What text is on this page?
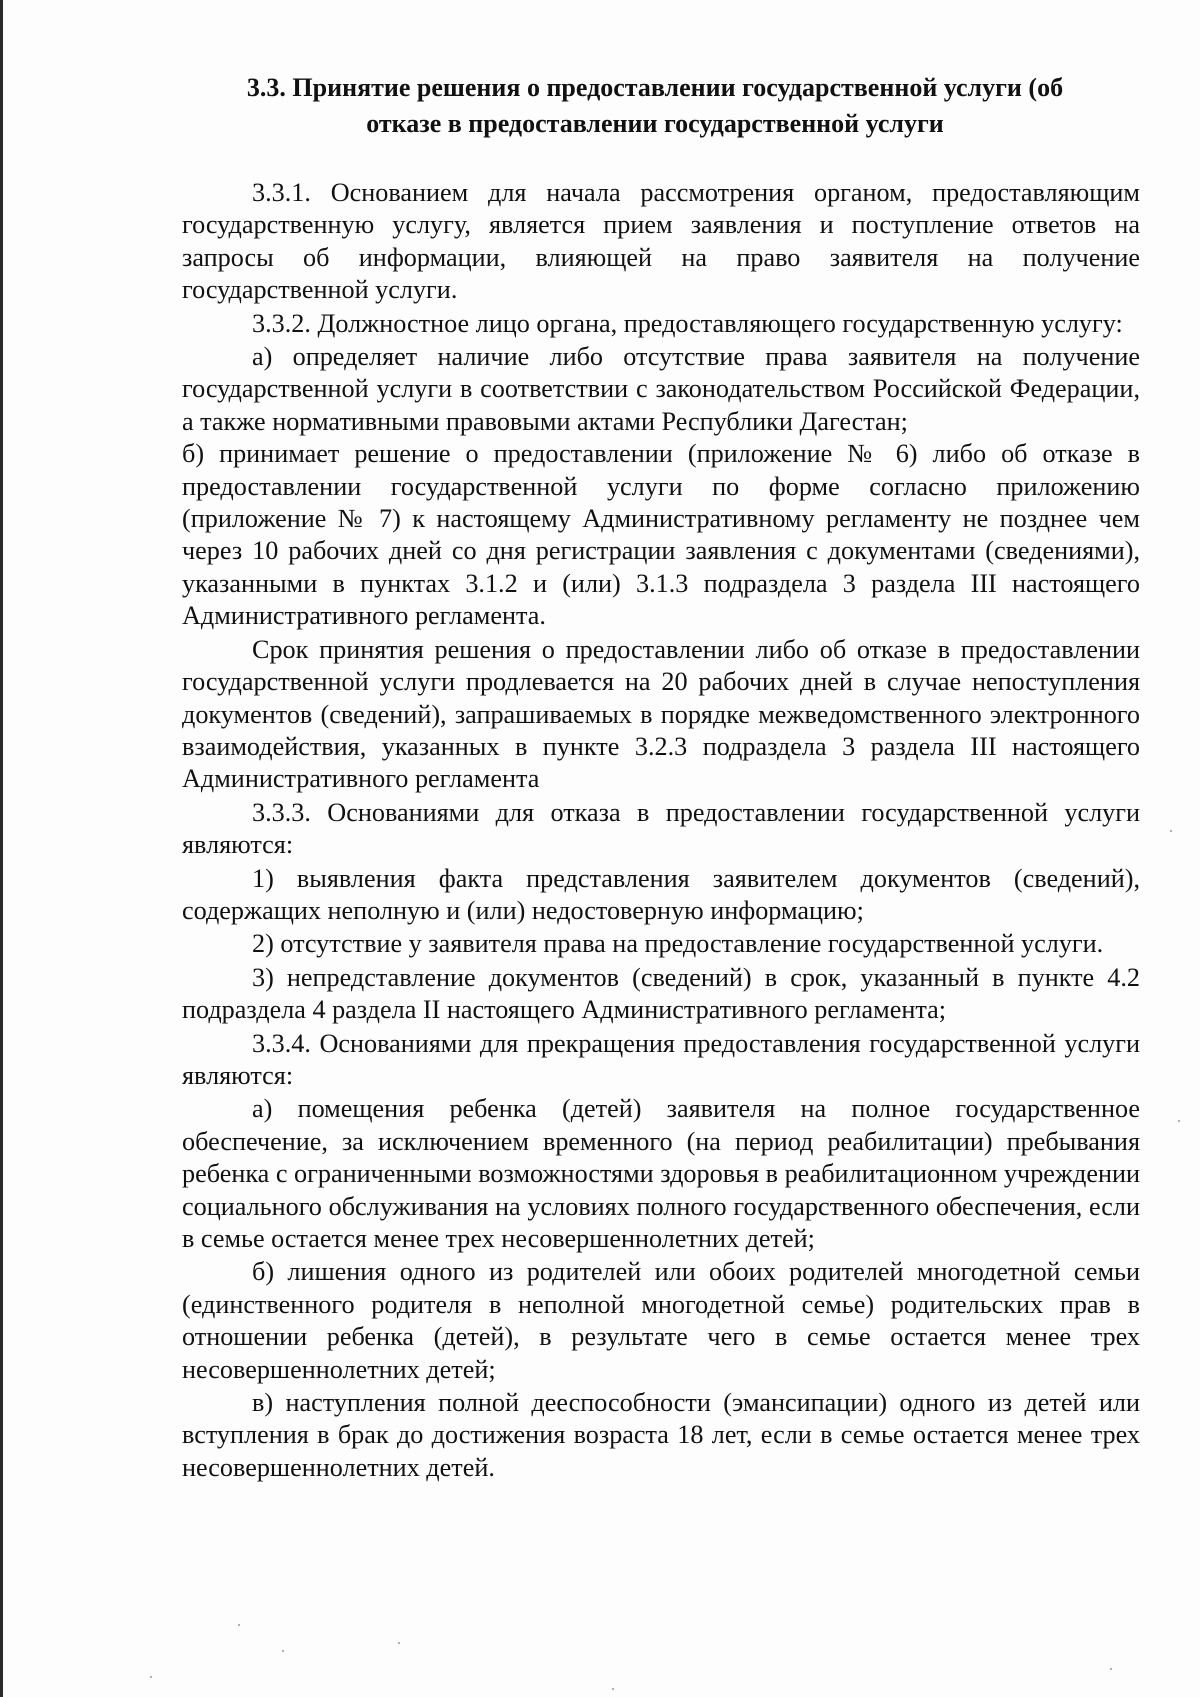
3.3. Принятие решения о предоставлении государственной услуги (об
отказе в предоставлении государственной услуги

3.3.1. Основанием для начала рассмотрения органом, предоставляющим государственную услугу, является прием заявления и поступление ответов на запросы об информации, влияющей на право заявителя на получение государственной услуги.

3.3.2. Должностное лицо органа, предоставляющего государственную услугу:

а) определяет наличие либо отсутствие права заявителя на получение государственной услуги в соответствии с законодательством Российской Федерации, а также нормативными правовыми актами Республики Дагестан;

б) принимает решение о предоставлении (приложение № 6) либо об отказе в предоставлении государственной услуги по форме согласно приложению (приложение № 7) к настоящему Административному регламенту не позднее чем через 10 рабочих дней со дня регистрации заявления с документами (сведениями), указанными в пунктах 3.1.2 и (или) 3.1.3 подраздела 3 раздела III настоящего Административного регламента.

Срок принятия решения о предоставлении либо об отказе в предоставлении государственной услуги продлевается на 20 рабочих дней в случае непоступления документов (сведений), запрашиваемых в порядке межведомственного электронного взаимодействия, указанных в пункте 3.2.3 подраздела 3 раздела III настоящего Административного регламента

3.3.3. Основаниями для отказа в предоставлении государственной услуги являются:

1) выявления факта представления заявителем документов (сведений), содержащих неполную и (или) недостоверную информацию;

2) отсутствие у заявителя права на предоставление государственной услуги.

3) непредставление документов (сведений) в срок, указанный в пункте 4.2 подраздела 4 раздела II настоящего Административного регламента;

3.3.4. Основаниями для прекращения предоставления государственной услуги являются:

а) помещения ребенка (детей) заявителя на полное государственное обеспечение, за исключением временного (на период реабилитации) пребывания ребенка с ограниченными возможностями здоровья в реабилитационном учреждении социального обслуживания на условиях полного государственного обеспечения, если в семье остается менее трех несовершеннолетних детей;

б) лишения одного из родителей или обоих родителей многодетной семьи (единственного родителя в неполной многодетной семье) родительских прав в отношении ребенка (детей), в результате чего в семье остается менее трех несовершеннолетних детей;

в) наступления полной дееспособности (эмансипации) одного из детей или вступления в брак до достижения возраста 18 лет, если в семье остается менее трех несовершеннолетних детей.
